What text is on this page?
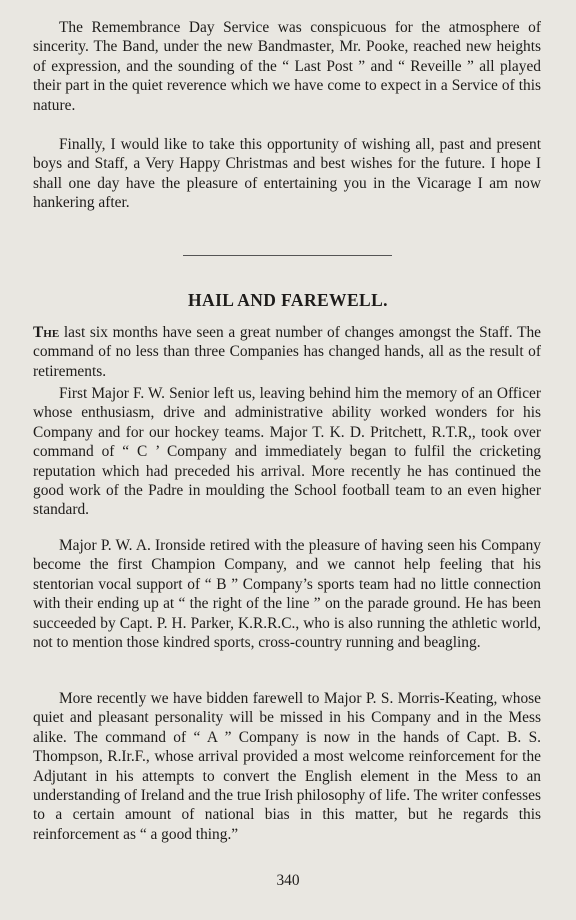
The Remembrance Day Service was conspicuous for the atmosphere of sincerity. The Band, under the new Bandmaster, Mr. Pooke, reached new heights of expression, and the sounding of the “ Last Post ” and “ Reveille ” all played their part in the quiet reverence which we have come to expect in a Service of this nature.

Finally, I would like to take this opportunity of wishing all, past and present boys and Staff, a Very Happy Christmas and best wishes for the future. I hope I shall one day have the pleasure of entertaining you in the Vicarage I am now hankering after.

HAIL AND FAREWELL.

The last six months have seen a great number of changes amongst the Staff. The command of no less than three Companies has changed hands, all as the result of retirements.

First Major F. W. Senior left us, leaving behind him the memory of an Officer whose enthusiasm, drive and administrative ability worked wonders for his Company and for our hockey teams. Major T. K. D. Pritchett, R.T.R,, took over command of “ C ’ Company and immediately began to fulfil the cricketing reputation which had preceded his arrival. More recently he has continued the good work of the Padre in moulding the School football team to an even higher standard.

Major P. W. A. Ironside retired with the pleasure of having seen his Company become the first Champion Company, and we cannot help feeling that his stentorian vocal support of “ B ” Company’s sports team had no little connection with their ending up at “ the right of the line ” on the parade ground. He has been succeeded by Capt. P. H. Parker, K.R.R.C., who is also running the athletic world, not to mention those kindred sports, cross-country running and beagling.

More recently we have bidden farewell to Major P. S. Morris-Keating, whose quiet and pleasant personality will be missed in his Company and in the Mess alike. The command of “ A ” Company is now in the hands of Capt. B. S. Thompson, R.Ir.F., whose arrival provided a most welcome reinforcement for the Adjutant in his attempts to convert the English element in the Mess to an understanding of Ireland and the true Irish philosophy of life. The writer confesses to a certain amount of national bias in this matter, but he regards this reinforcement as “ a good thing.”

340
